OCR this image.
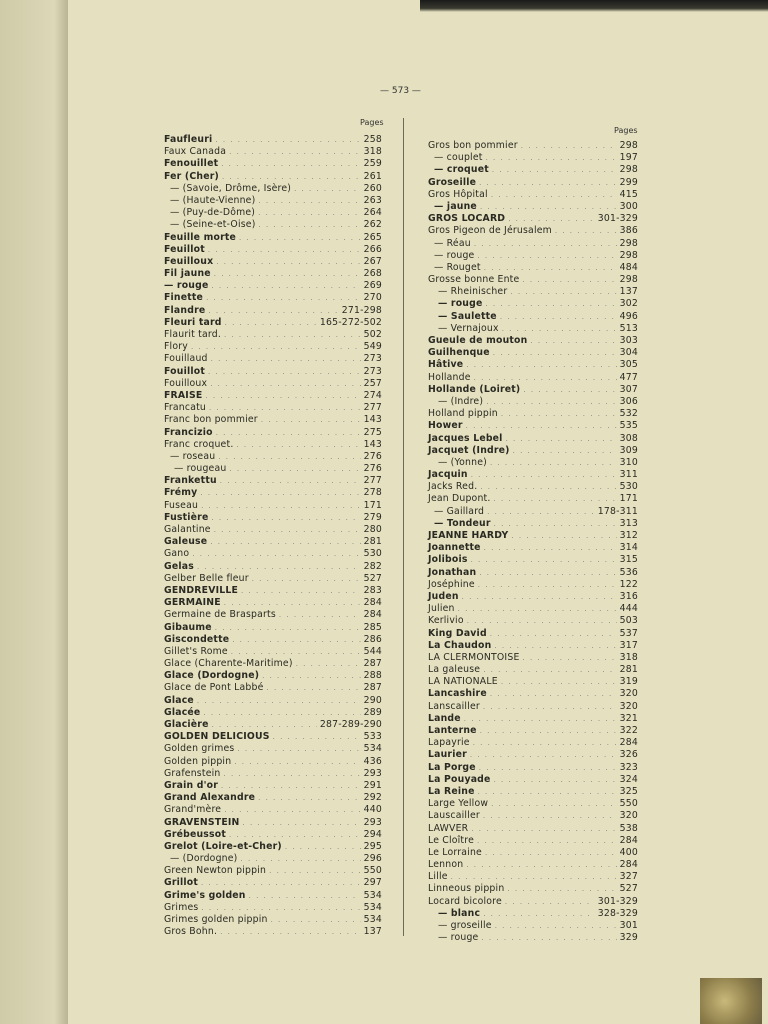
— 573 —
Pages
Pages
Faufleuri . . .	258
Faux Canada . . .	318
Fenouillet . . .	259
Fer (Cher) . . .	261
— (Savoie, Drôme, Isère) . . .	260
— (Haute-Vienne) . . .	263
— (Puy-de-Dôme) . . .	264
— (Seine-et-Oise) . . .	262
Feuille morte . . .	265
Feuillot . . .	266
Feuilloux . . .	267
Fil jaune . . .	268
— rouge . . .	269
Finette . . .	270
Flandre . . .	271-298
Fleuri tard . . .	165-272-502
Flaurit tard. . . .	502
Flory . . .	549
Fouillaud . . .	273
Fouillot . . .	273
Fouilloux . . .	257
FRAISE . . .	274
Francatu . . .	277
Franc bon pommier . . .	143
Francizio . . .	275
Franc croquet. . . .	143
— roseau . . .	276
— rougeau . . .	276
Frankettu . . .	277
Frémy . . .	278
Fuseau . . .	171
Fustière . . .	279
Galantine . . .	280
Galeuse . . .	281
Gano . . .	530
Gelas . . .	282
Gelber Belle fleur . . .	527
GENDREVILLE . . .	283
GERMAINE . . .	284
Germaine de Brasparts . . .	284
Gibaume . . .	285
Giscondette . . .	286
Gillet's Rome . . .	544
Glace (Charente-Maritime) . . .	287
Glace (Dordogne) . . .	288
Glace de Pont Labbé . . .	287
Glace . . .	290
Glacée . . .	289
Glacière . . .	287-289-290
GOLDEN DELICIOUS . . .	533
Golden grimes . . .	534
Golden pippin . . .	436
Grafenstein . . .	293
Grain d'or . . .	291
Grand Alexandre . . .	292
Grand'mère . . .	440
GRAVENSTEIN . . .	293
Grébeussot . . .	294
Grelot (Loire-et-Cher) . . .	295
— (Dordogne) . . .	296
Green Newton pippin . . .	550
Grillot . . .	297
Grime's golden . . .	534
Grimes . . .	534
Grimes golden pippin . . .	534
Gros Bohn. . . .	137
Gros bon pommier . . .	298
— couplet . . .	197
— croquet . . .	298
Groseille . . .	299
Gros Hôpital . . .	415
— jaune . . .	300
GROS LOCARD . . .	301-329
Gros Pigeon de Jérusalem . . .	386
— Réau . . .	298
— rouge . . .	298
— Rouget . . .	484
Grosse bonne Ente . . .	298
— Rheinischer . . .	137
— rouge . . .	302
— Saulette . . .	496
— Vernajoux . . .	513
Gueule de mouton . . .	303
Guilhenque . . .	304
Hâtive . . .	305
Hollande . . .	477
Hollande (Loiret) . . .	307
— (Indre) . . .	306
Holland pippin . . .	532
Hower . . .	535
Jacques Lebel . . .	308
Jacquet (Indre) . . .	309
— (Yonne) . . .	310
Jacquin . . .	311
Jacks Red. . . .	530
Jean Dupont. . . .	171
— Gaillard . . .	178-311
— Tondeur . . .	313
JEANNE HARDY . . .	312
Joannette . . .	314
Jolibois . . .	315
Jonathan . . .	536
Joséphine . . .	122
Juden . . .	316
Julien . . .	444
Kerlivio . . .	503
King David . . .	537
La Chaudon . . .	317
LA CLERMONTOISE . . .	318
La galeuse . . .	281
LA NATIONALE . . .	319
Lancashire . . .	320
Lanscailler . . .	320
Lande . . .	321
Lanterne . . .	322
Lapayrie . . .	284
Laurier . . .	326
La Porge . . .	323
La Pouyade . . .	324
La Reine . . .	325
Large Yellow . . .	550
Lauscailler . . .	320
LAWVER . . .	538
Le Cloître . . .	284
Le Lorraine . . .	400
Lennon . . .	284
Lille . . .	327
Linneous pippin . . .	527
Locard bicolore . . .	301-329
— blanc . . .	328-329
— groseille . . .	301
— rouge . . .	329
